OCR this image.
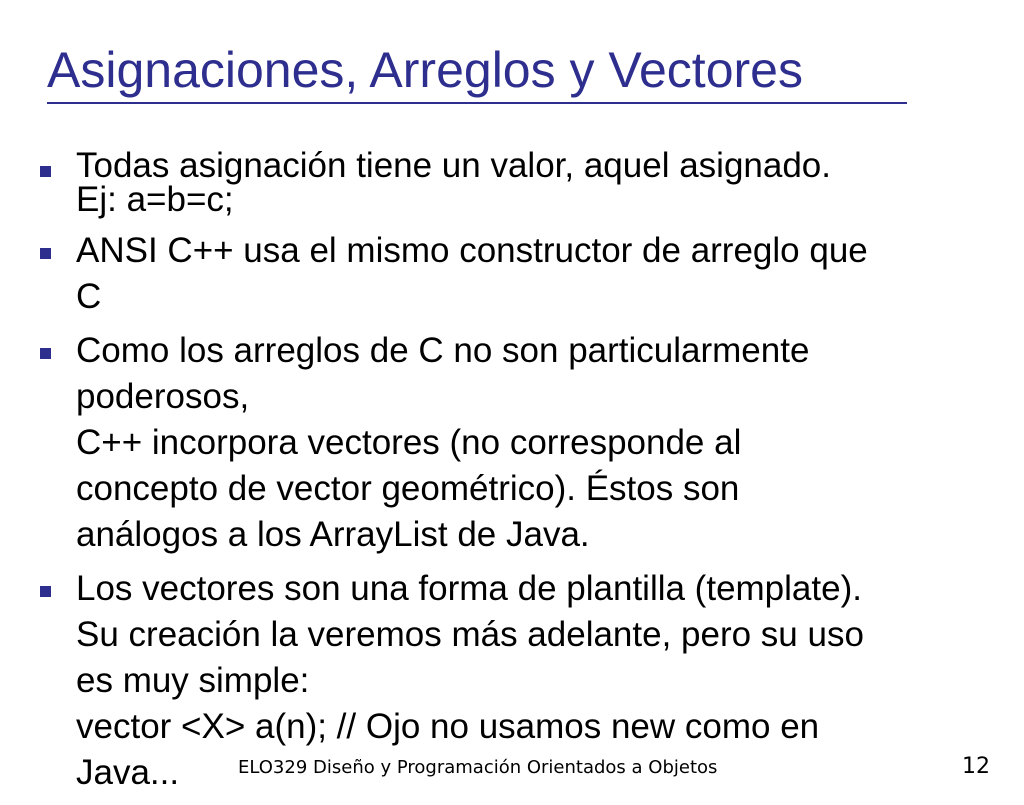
Asignaciones, Arreglos y Vectores
Todas asignación tiene un valor, aquel asignado.
Ej: a=b=c;
ANSI C++ usa el mismo constructor de arreglo que
C
Como los arreglos de C no son particularmente
poderosos,
C++ incorpora vectores (no corresponde al
concepto de vector geométrico). Éstos son
análogos a los ArrayList de Java.
Los vectores son una forma de plantilla (template).
Su creación la veremos más adelante, pero su uso
es muy simple:
vector <X> a(n); // Ojo no usamos new como en
Java...	ELO329 Diseño y Programación Orientados a Objetos	12
